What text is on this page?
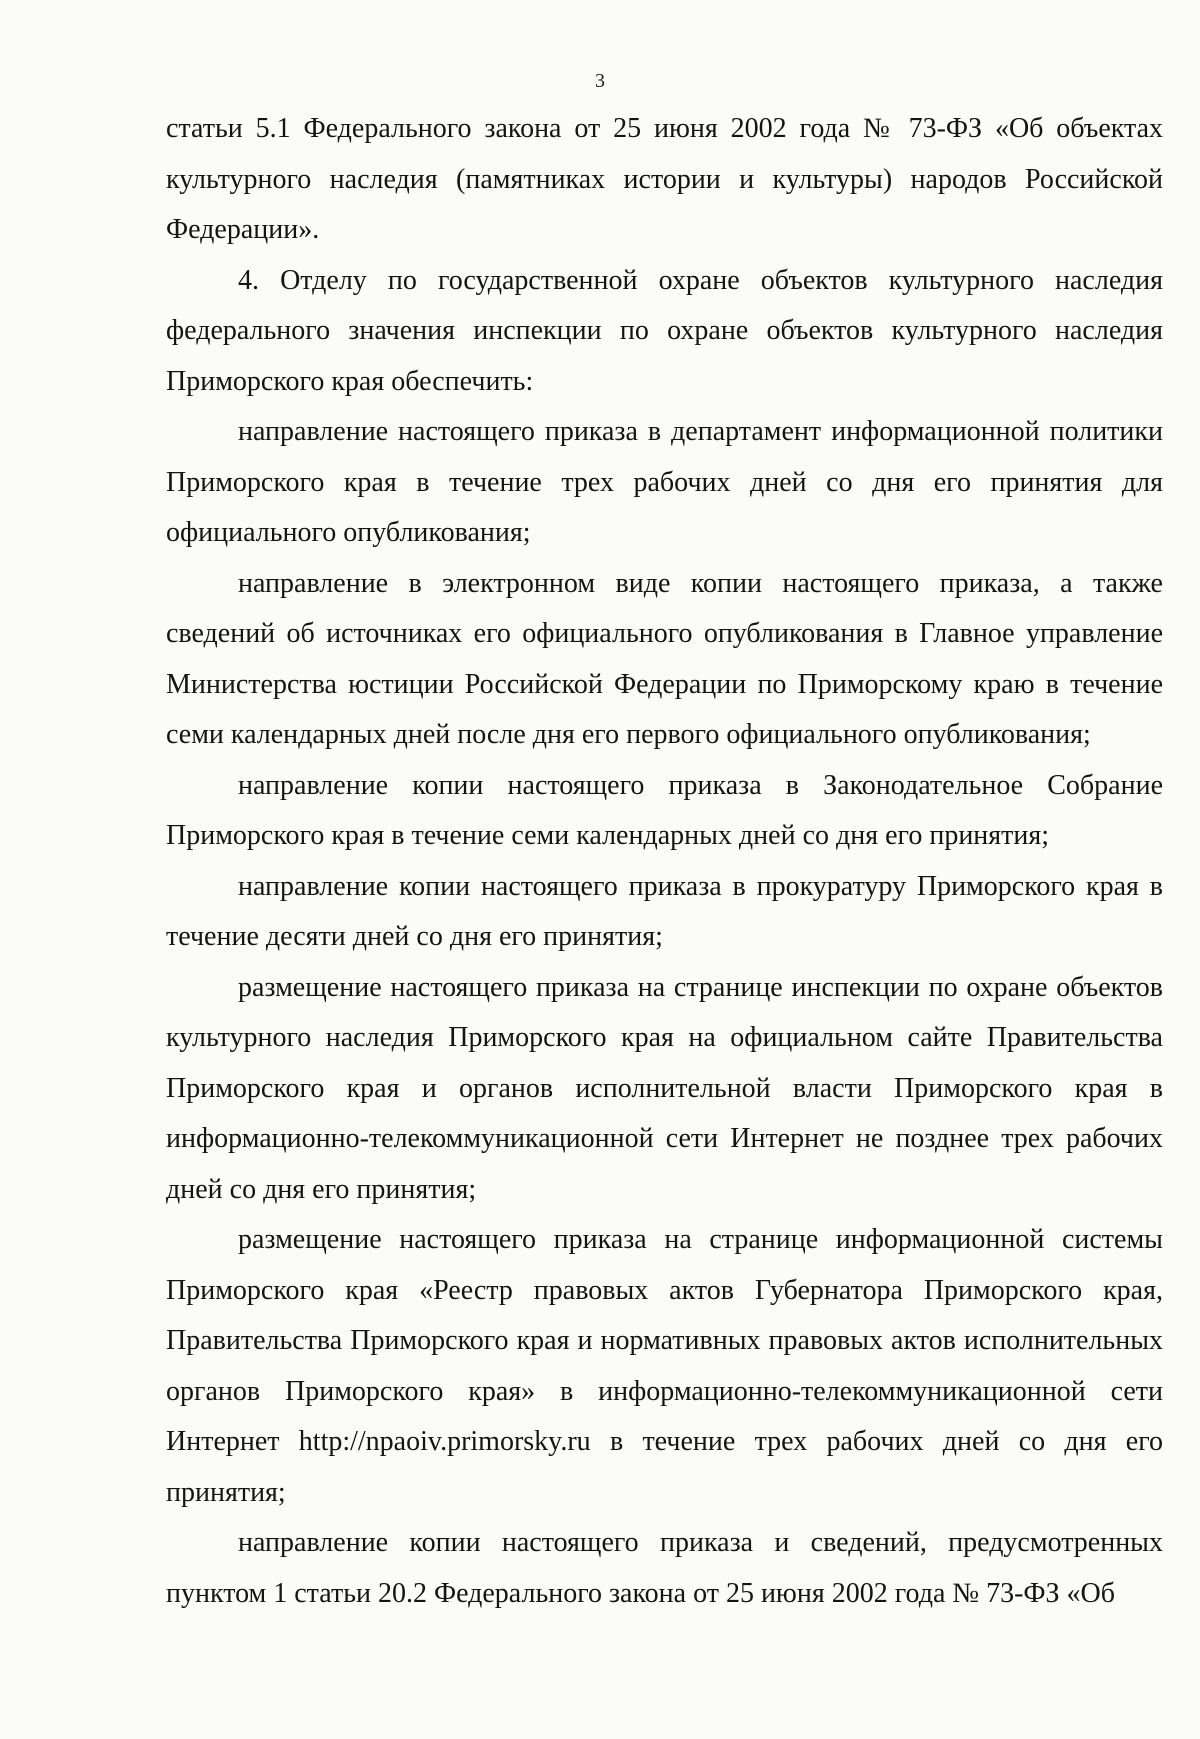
3

статьи 5.1 Федерального закона от 25 июня 2002 года № 73-ФЗ «Об объектах культурного наследия (памятниках истории и культуры) народов Российской Федерации».

4. Отделу по государственной охране объектов культурного наследия федерального значения инспекции по охране объектов культурного наследия Приморского края обеспечить:

направление настоящего приказа в департамент информационной политики Приморского края в течение трех рабочих дней со дня его принятия для официального опубликования;

направление в электронном виде копии настоящего приказа, а также сведений об источниках его официального опубликования в Главное управление Министерства юстиции Российской Федерации по Приморскому краю в течение семи календарных дней после дня его первого официального опубликования;

направление копии настоящего приказа в Законодательное Собрание Приморского края в течение семи календарных дней со дня его принятия;

направление копии настоящего приказа в прокуратуру Приморского края в течение десяти дней со дня его принятия;

размещение настоящего приказа на странице инспекции по охране объектов культурного наследия Приморского края на официальном сайте Правительства Приморского края и органов исполнительной власти Приморского края в информационно-телекоммуникационной сети Интернет не позднее трех рабочих дней со дня его принятия;

размещение настоящего приказа на странице информационной системы Приморского края «Реестр правовых актов Губернатора Приморского края, Правительства Приморского края и нормативных правовых актов исполнительных органов Приморского края» в информационно-телекоммуникационной сети Интернет http://npaoiv.primorsky.ru в течение трех рабочих дней со дня его принятия;

направление копии настоящего приказа и сведений, предусмотренных пунктом 1 статьи 20.2 Федерального закона от 25 июня 2002 года № 73-ФЗ «Об
